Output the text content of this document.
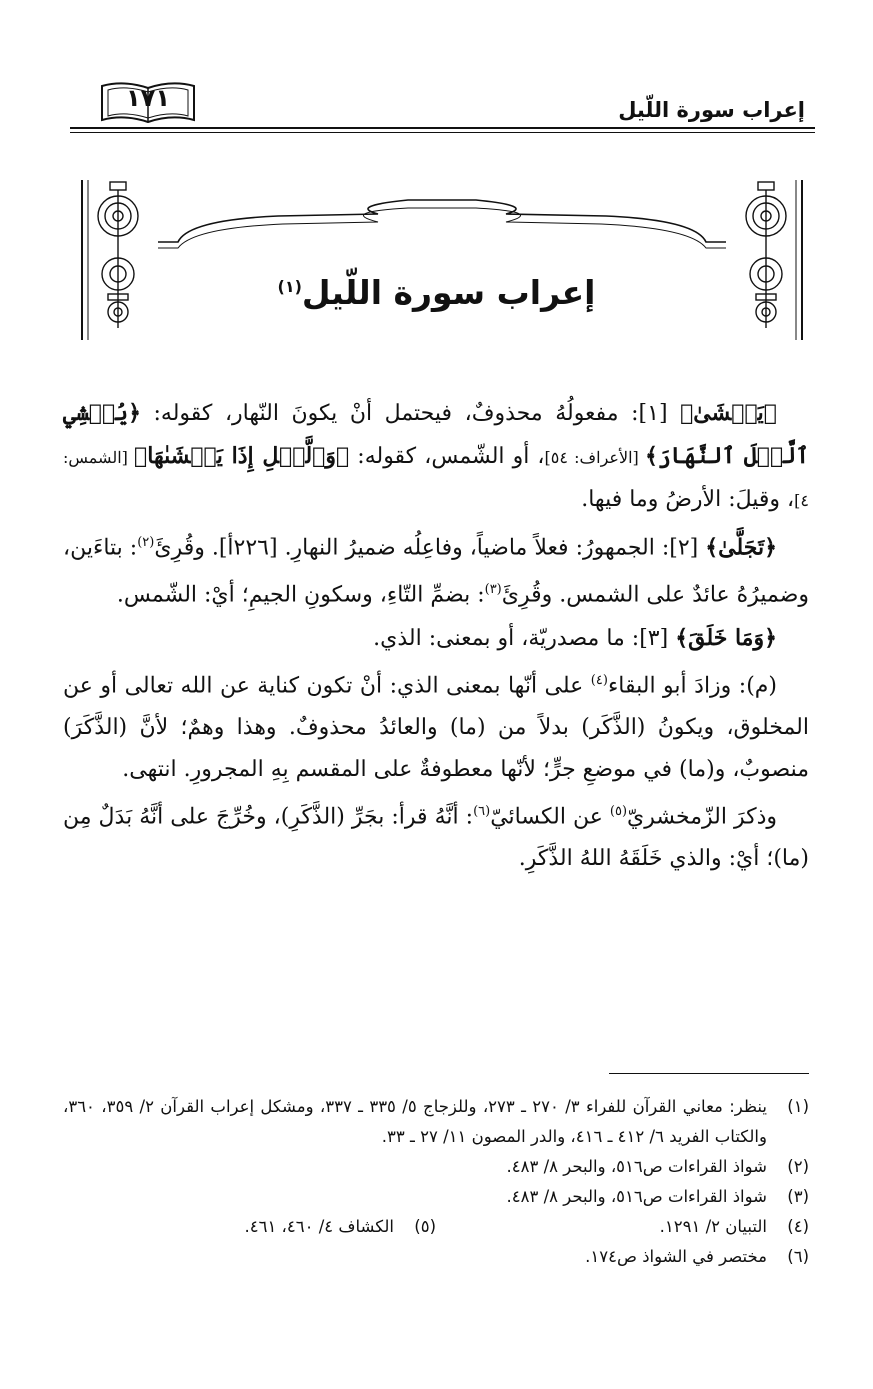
إعراب سورة اللّيل
١٧١
إعراب سورة اللّيل$^{(١)}$

﴿يَغۡشَىٰ﴾ [١]: مفعولُهُ محذوفٌ، فيحتمل أنْ يكونَ النّهار، كقوله: ﴿يُغۡشِي ٱلَّيۡلَ ٱلنَّهَارَ﴾ [الأعراف: ٥٤]، أو الشّمس، كقوله: ﴿وَٱلَّيۡلِ إِذَا يَغۡشَىٰهَا﴾ [الشمس: ٤]، وقيلَ: الأرضُ وما فيها.

﴿تَجَلَّىٰ﴾ [٢]: الجمهورُ: فعلاً ماضياً، وفاعِلُه ضميرُ النهارِ. [٢٢٦أ]. وقُرِئَ$^{(٢)}$: بتاءَين، وضميرُهُ عائدٌ على الشمس. وقُرِئَ$^{(٣)}$: بضمِّ التّاءِ، وسكونِ الجيمِ؛ أيْ: الشّمس.

﴿وَمَا خَلَقَ﴾ [٣]: ما مصدريّة، أو بمعنى: الذي.

(م): وزادَ أبو البقاء$^{(٤)}$ على أنّها بمعنى الذي: أنْ تكون كناية عن الله تعالى أو عن المخلوق، ويكونُ (الذَّكَر) بدلاً من (ما) والعائدُ محذوفٌ. وهذا وهمٌ؛ لأنَّ (الذَّكَرَ) منصوبٌ، و(ما) في موضعِ جرٍّ؛ لأنّها معطوفةٌ على المقسم بِهِ المجرورِ. انتهى.

وذكرَ الزّمخشريّ$^{(٥)}$ عن الكسائيّ$^{(٦)}$: أنَّهُ قرأ: بجَرِّ (الذَّكَرِ)، وخُرِّجَ على أنَّهُ بَدَلٌ مِن (ما)؛ أيْ: والذي خَلَقَهُ اللهُ الذَّكَرِ.

(١)
ينظر: معاني القرآن للفراء ٣/ ٢٧٠ ـ ٢٧٣، وللزجاج ٥/ ٣٣٥ ـ ٣٣٧، ومشكل إعراب القرآن ٢/ ٣٥٩، ٣٦٠، والكتاب الفريد ٦/ ٤١٢ ـ ٤١٦، والدر المصون ١١/ ٢٧ ـ ٣٣.
(٢)
شواذ القراءات ص٥١٦، والبحر ٨/ ٤٨٣.
(٣)
شواذ القراءات ص٥١٦، والبحر ٨/ ٤٨٣.
(٤)
التبيان ٢/ ١٢٩١.
(٥)
الكشاف ٤/ ٤٦٠، ٤٦١.
(٦)
مختصر في الشواذ ص١٧٤.
